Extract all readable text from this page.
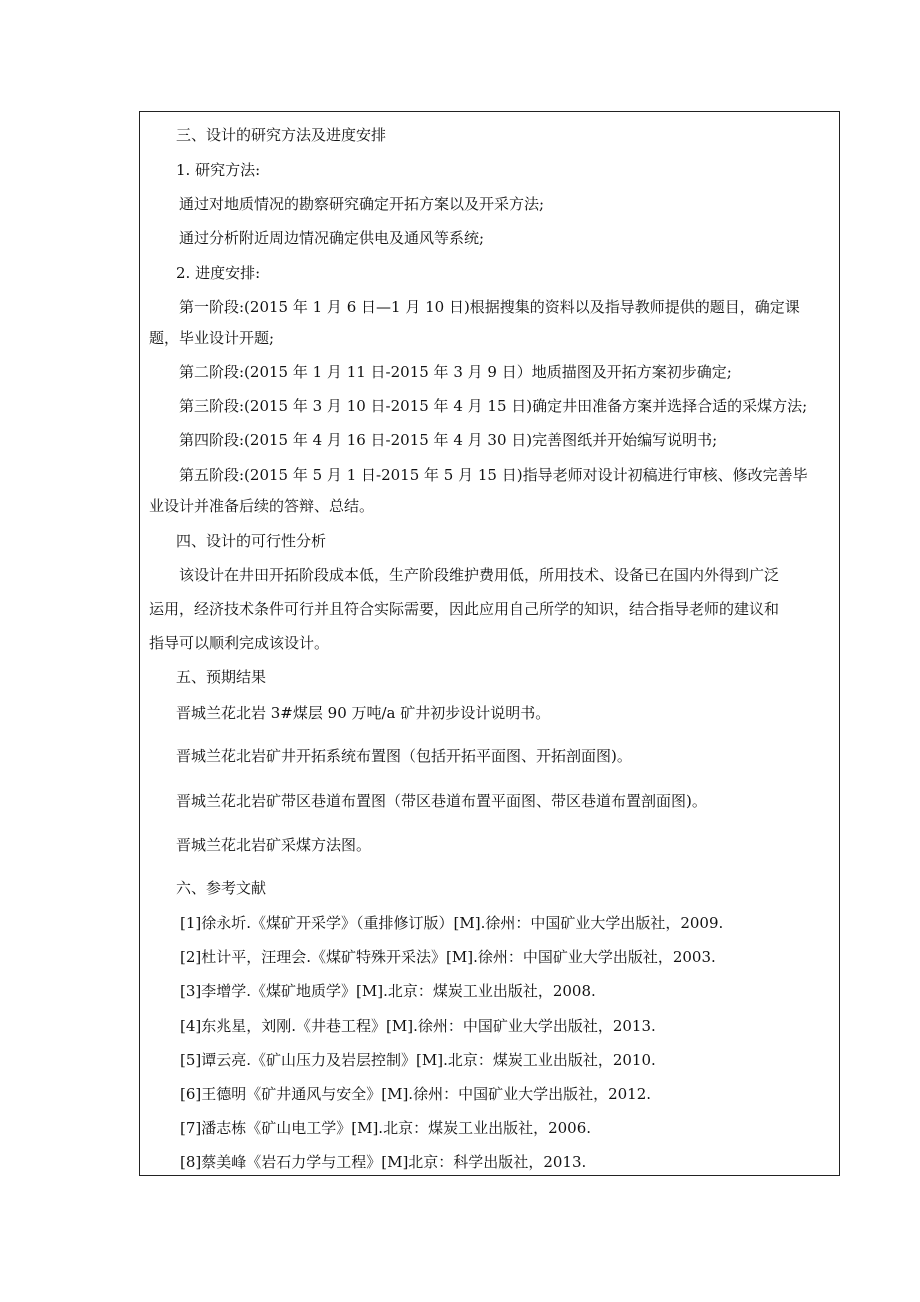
三、设计的研究方法及进度安排
1. 研究方法:
通过对地质情况的勘察研究确定开拓方案以及开采方法;
通过分析附近周边情况确定供电及通风等系统;
2. 进度安排:
第一阶段:(2015 年 1 月 6 日—1 月 10 日)根据搜集的资料以及指导教师提供的题目，确定课
题，毕业设计开题;
第二阶段:(2015 年 1 月 11 日-2015 年 3 月 9 日）地质描图及开拓方案初步确定;
第三阶段:(2015 年 3 月 10 日-2015 年 4 月 15 日)确定井田准备方案并选择合适的采煤方法;
第四阶段:(2015 年 4 月 16 日-2015 年 4 月 30 日)完善图纸并开始编写说明书;
第五阶段:(2015 年 5 月 1 日-2015 年 5 月 15 日)指导老师对设计初稿进行审核、修改完善毕
业设计并准备后续的答辩、总结。
四、设计的可行性分析
该设计在井田开拓阶段成本低，生产阶段维护费用低，所用技术、设备已在国内外得到广泛
运用，经济技术条件可行并且符合实际需要，因此应用自己所学的知识，结合指导老师的建议和
指导可以顺利完成该设计。
五、预期结果
晋城兰花北岩 3#煤层 90 万吨/a 矿井初步设计说明书。
晋城兰花北岩矿井开拓系统布置图（包括开拓平面图、开拓剖面图)。
晋城兰花北岩矿带区巷道布置图（带区巷道布置平面图、带区巷道布置剖面图)。
晋城兰花北岩矿采煤方法图。
六、参考文献
[1]徐永圻.《煤矿开采学》（重排修订版）[M].徐州：中国矿业大学出版社，2009.
[2]杜计平，汪理会.《煤矿特殊开采法》[M].徐州：中国矿业大学出版社，2003.
[3]李增学.《煤矿地质学》[M].北京：煤炭工业出版社，2008.
[4]东兆星，刘刚.《井巷工程》[M].徐州：中国矿业大学出版社，2013.
[5]谭云亮.《矿山压力及岩层控制》[M].北京：煤炭工业出版社，2010.
[6]王德明《矿井通风与安全》[M].徐州：中国矿业大学出版社，2012.
[7]潘志栋《矿山电工学》[M].北京：煤炭工业出版社，2006.
[8]蔡美峰《岩石力学与工程》[M]北京：科学出版社，2013.
